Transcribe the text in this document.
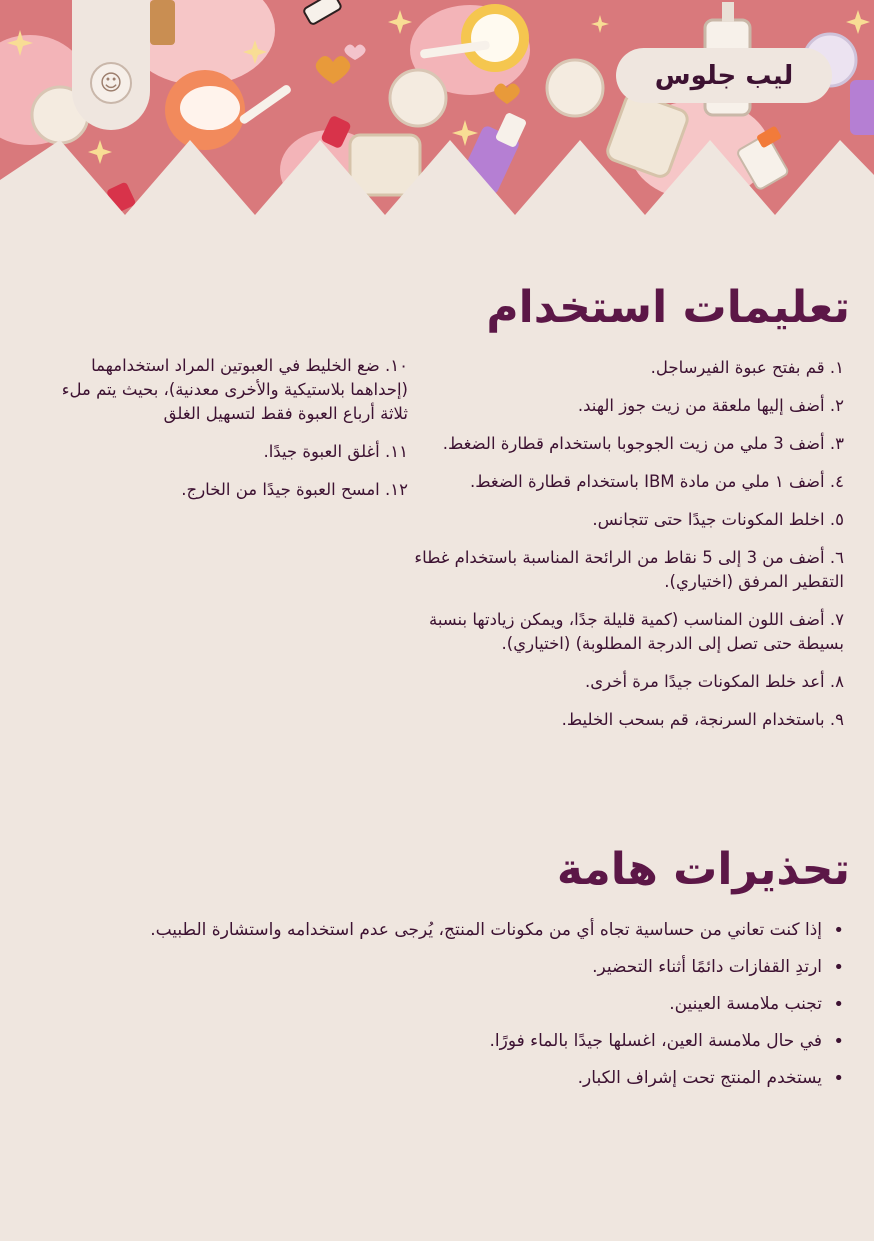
☺	ليب جلوس
تعليمات استخدام
١. قم بفتح عبوة الفيرساجل.
٢. أضف إليها ملعقة من زيت جوز الهند.
٣. أضف 3 ملي من زيت الجوجوبا باستخدام قطارة الضغط.
٤. أضف ١ ملي من مادة IBM باستخدام قطارة الضغط.
٥. اخلط المكونات جيدًا حتى تتجانس.
٦. أضف من 3 إلى 5 نقاط من الرائحة المناسبة باستخدام غطاء التقطير المرفق (اختياري).
٧. أضف اللون المناسب (كمية قليلة جدًا، ويمكن زيادتها بنسبة بسيطة حتى تصل إلى الدرجة المطلوبة) (اختياري).
٨. أعد خلط المكونات جيدًا مرة أخرى.
٩. باستخدام السرنجة، قم بسحب الخليط.
١٠. ضع الخليط في العبوتين المراد استخدامهما (إحداهما بلاستيكية والأخرى معدنية)، بحيث يتم ملء ثلاثة أرباع العبوة فقط لتسهيل الغلق
١١. أغلق العبوة جيدًا.
١٢. امسح العبوة جيدًا من الخارج.
تحذيرات هامة
•
إذا كنت تعاني من حساسية تجاه أي من مكونات المنتج، يُرجى عدم استخدامه واستشارة الطبيب.
•
ارتدِ القفازات دائمًا أثناء التحضير.
•
تجنب ملامسة العينين.
•
في حال ملامسة العين، اغسلها جيدًا بالماء فورًا.
•
يستخدم المنتج تحت إشراف الكبار.
